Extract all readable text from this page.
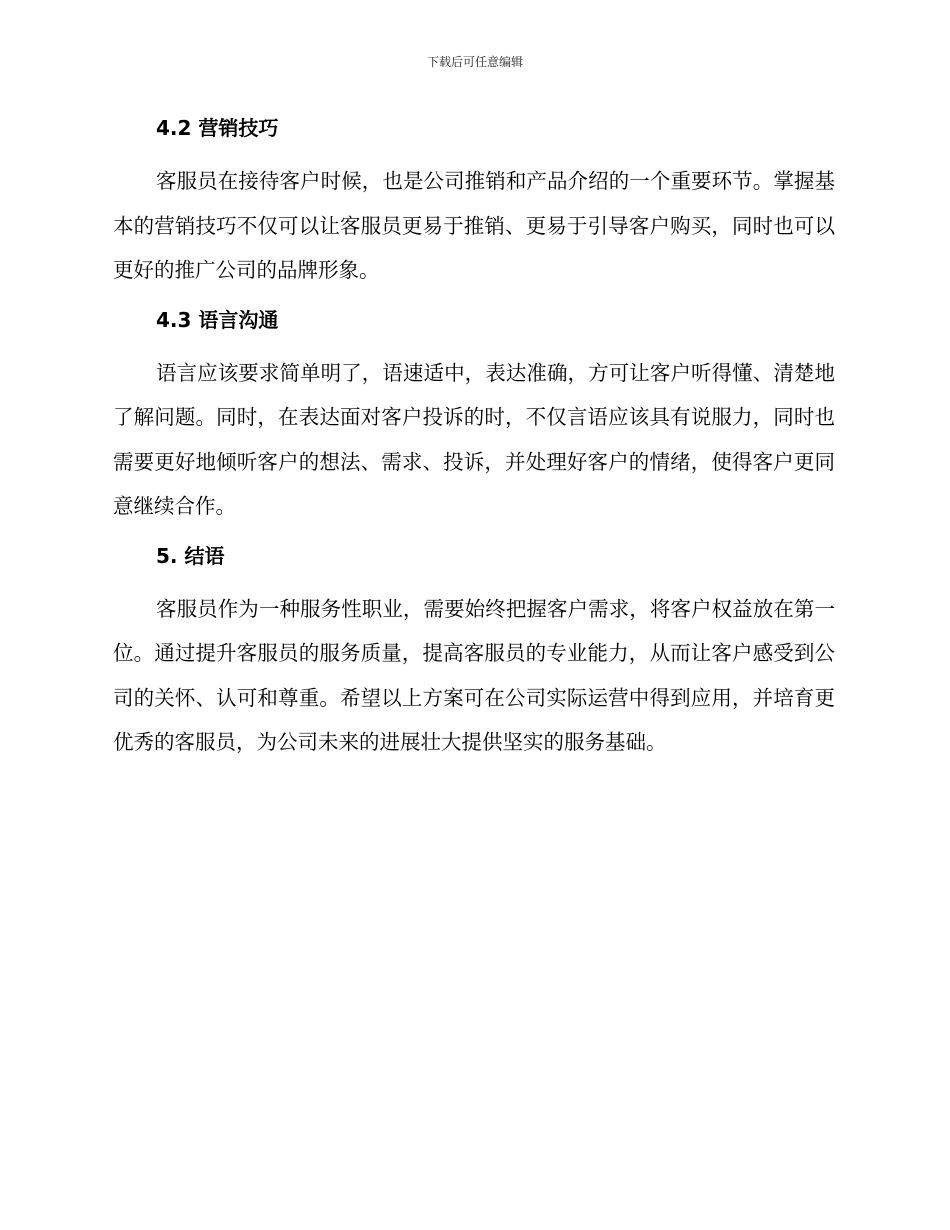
下载后可任意编辑
4.2 营销技巧

客服员在接待客户时候，也是公司推销和产品介绍的一个重要环节。掌握基本的营销技巧不仅可以让客服员更易于推销、更易于引导客户购买，同时也可以更好的推广公司的品牌形象。

4.3 语言沟通

语言应该要求简单明了，语速适中，表达准确，方可让客户听得懂、清楚地了解问题。同时，在表达面对客户投诉的时，不仅言语应该具有说服力，同时也需要更好地倾听客户的想法、需求、投诉，并处理好客户的情绪，使得客户更同意继续合作。

5. 结语

客服员作为一种服务性职业，需要始终把握客户需求，将客户权益放在第一位。通过提升客服员的服务质量，提高客服员的专业能力，从而让客户感受到公司的关怀、认可和尊重。希望以上方案可在公司实际运营中得到应用，并培育更优秀的客服员，为公司未来的进展壮大提供坚实的服务基础。
